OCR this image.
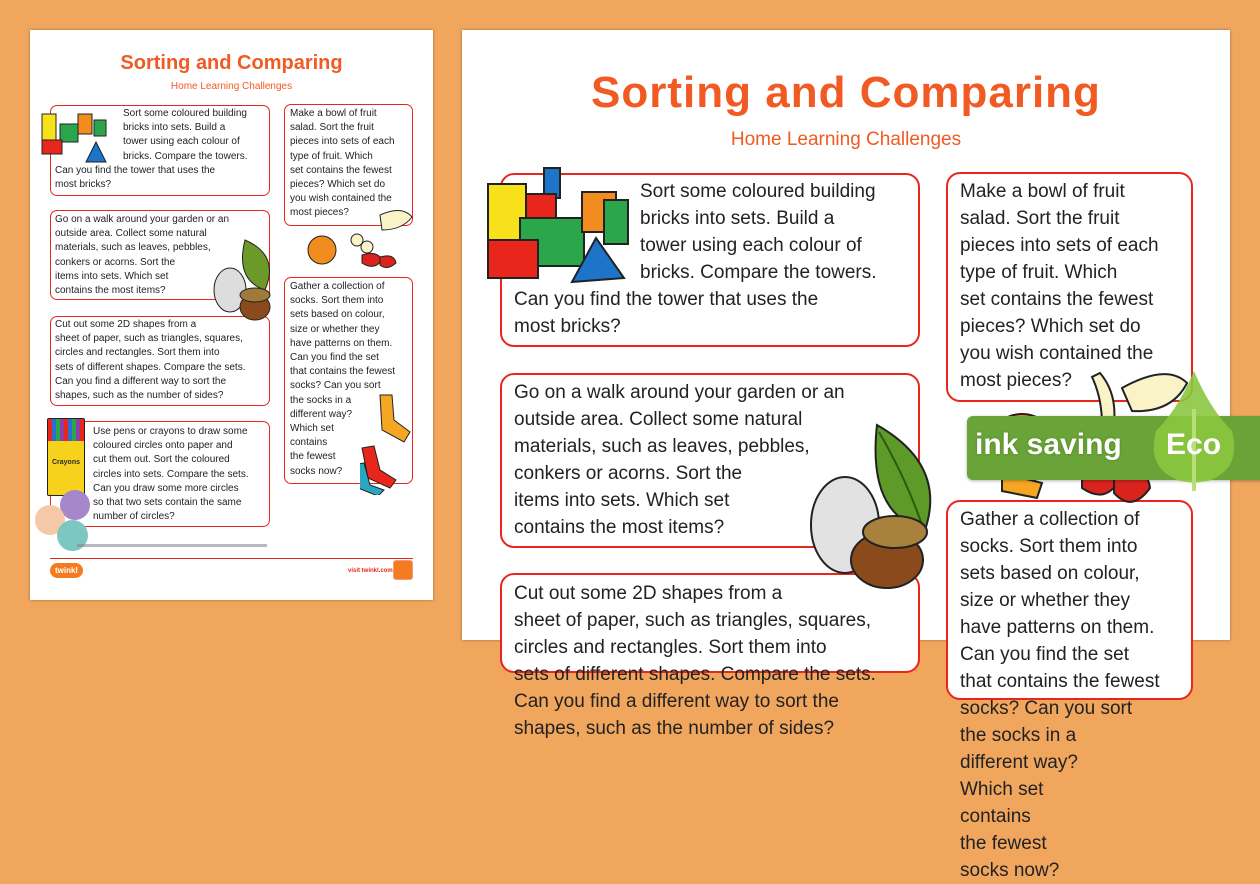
Sorting and Comparing
Home Learning Challenges
Sort some coloured building
bricks into sets. Build a
tower using each colour of
bricks. Compare the towers.
Can you find the tower that uses the
most bricks?
Go on a walk around your garden or an
outside area. Collect some natural
materials, such as leaves, pebbles,
conkers or acorns. Sort the
items into sets. Which set
contains the most items?
Cut out some 2D shapes from a
sheet of paper, such as triangles, squares,
circles and rectangles. Sort them into
sets of different shapes. Compare the sets.
Can you find a different way to sort the
shapes, such as the number of sides?
Use pens or crayons to draw some
coloured circles onto paper and
cut them out. Sort the coloured
circles into sets. Compare the sets.
Can you draw some more circles
so that two sets contain the same
number of circles?
Make a bowl of fruit
salad. Sort the fruit
pieces into sets of each
type of fruit. Which
set contains the fewest
pieces? Which set do
you wish contained the
most pieces?
Gather a collection of
socks. Sort them into
sets based on colour,
size or whether they
have patterns on them.
Can you find the set
that contains the fewest
socks? Can you sort
the socks in a
different way?
Which set
contains
the fewest
socks now?
Crayons
twinkl	visit twinkl.com
Sorting and Comparing
Home Learning Challenges
Sort some coloured building
bricks into sets. Build a
tower using each colour of
bricks. Compare the towers.
Can you find the tower that uses the
most bricks?
Go on a walk around your garden or an
outside area. Collect some natural
materials, such as leaves, pebbles,
conkers or acorns. Sort the
items into sets. Which set
contains the most items?
Cut out some 2D shapes from a
sheet of paper, such as triangles, squares,
circles and rectangles. Sort them into
sets of different shapes. Compare the sets.
Can you find a different way to sort the
shapes, such as the number of sides?
Make a bowl of fruit
salad. Sort the fruit
pieces into sets of each
type of fruit. Which
set contains the fewest
pieces? Which set do
you wish contained the
most pieces?
Gather a collection of
socks. Sort them into
sets based on colour,
size or whether they
have patterns on them.
Can you find the set
that contains the fewest
socks? Can you sort
the socks in a
different way?
Which set
contains
the fewest
socks now?
ink saving Eco
